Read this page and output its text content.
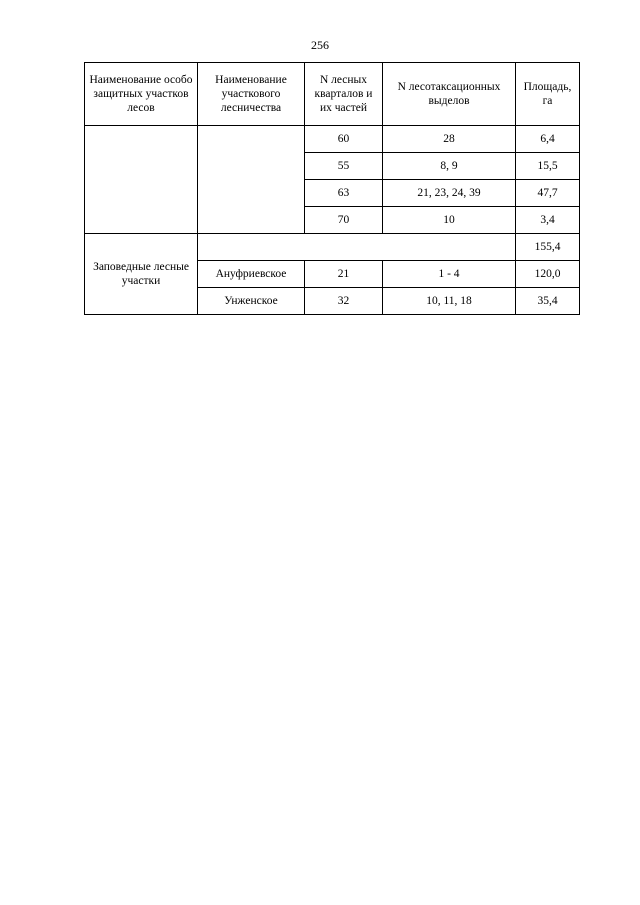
256
Наименование особо защитных участков лесов	Наименование участкового лесничества	N лесных кварталов и их частей	N лесотаксационных выделов	Площадь, га
		60	28	6,4
		55	8, 9	15,5
		63	21, 23, 24, 39	47,7
		70	10	3,4
Заповедные лесные участки				155,4
	Ануфриевское	21	1 - 4	120,0
	Унженское	32	10, 11, 18	35,4
